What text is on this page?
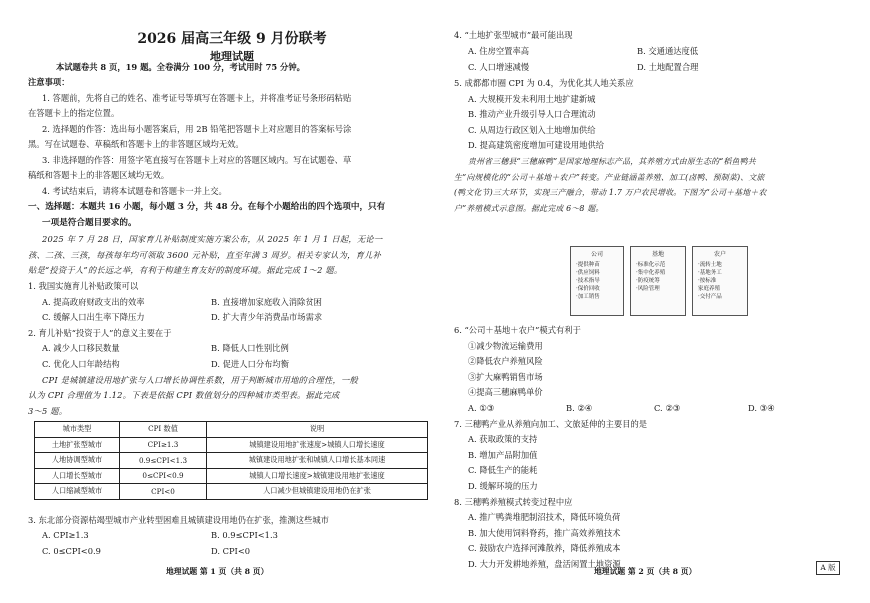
2026 届高三年级 9 月份联考
地理试题
本试题卷共 8 页，19 题。全卷满分 100 分，考试用时 75 分钟。
注意事项：
1. 答题前，先将自己的姓名、准考证号等填写在答题卡上，并将准考证号条形码粘贴
在答题卡上的指定位置。
2. 选择题的作答：选出每小题答案后，用 2B 铅笔把答题卡上对应题目的答案标号涂
黑。写在试题卷、草稿纸和答题卡上的非答题区域均无效。
3. 非选择题的作答：用签字笔直接写在答题卡上对应的答题区域内。写在试题卷、草
稿纸和答题卡上的非答题区域均无效。
4. 考试结束后，请将本试题卷和答题卡一并上交。
一、选择题：本题共 16 小题，每小题 3 分，共 48 分。在每个小题给出的四个选项中，只有
一项是符合题目要求的。
2025 年 7 月 28 日，国家育儿补贴制度实施方案公布，从 2025 年 1 月 1 日起，无论一
孩、二孩、三孩，每孩每年均可领取 3600 元补贴，直至年满 3 周岁。相关专家认为，育儿补
贴是“投资于人”的长远之举，有利于构建生育友好的制度环境。据此完成 1～2 题。
1. 我国实施育儿补贴政策可以
A. 提高政府财政支出的效率	B. 直接增加家庭收入消除贫困
C. 缓解人口出生率下降压力	D. 扩大青少年消费品市场需求
2. 育儿补贴“投资于人”的意义主要在于
A. 减少人口移民数量	B. 降低人口性别比例
C. 优化人口年龄结构	D. 促进人口分布均衡
CPI 是城镇建设用地扩张与人口增长协调性系数，用于判断城市用地的合理性，一般
认为 CPI 合理值为 1.12。下表是依据 CPI 数值划分的四种城市类型表。据此完成
3～5 题。
城市类型	CPI 数值	说明
土地扩张型城市	CPI≥1.3	城镇建设用地扩张速度>城镇人口增长速度
人地协调型城市	0.9≤CPI<1.3	城镇建设用地扩张和城镇人口增长基本同速
人口增长型城市	0≤CPI<0.9	城镇人口增长速度>城镇建设用地扩张速度
人口缩减型城市	CPI<0	人口减少但城镇建设用地仍在扩张
3. 东北部分资源枯竭型城市产业转型困难且城镇建设用地仍在扩张，推测这些城市
A. CPI≥1.3	B. 0.9≤CPI<1.3
C. 0≤CPI<0.9	D. CPI<0
地理试题 第 1 页（共 8 页）
4. “土地扩张型城市”最可能出现
A. 住房空置率高	B. 交通通达度低
C. 人口增速减慢	D. 土地配置合理
5. 成都都市圈 CPI 为 0.4，为优化其人地关系应
A. 大规模开发未利用土地扩建新城
B. 推动产业升级引导人口合理流动
C. 从周边行政区划入土地增加供给
D. 提高建筑密度增加可建设用地供给
贵州省三穗县“三穗麻鸭”是国家地理标志产品，其养殖方式由原生态的“稻鱼鸭共
生”向规模化的“公司＋基地＋农户”转变。产业链涵盖养殖、加工(卤鸭、预制菜)、文旅
(鸭文化节)三大环节，实现三产融合，带动 1.7 万户农民增收。下图为“公司＋基地＋农
户”养殖模式示意图。据此完成 6～8 题。
公司
·提供种苗
·供应饲料
·技术指导
·保价回收
·加工销售
基地
·标准化示范
·集中化养殖
·防疫统筹
·风险管理
农户
·流转土地
·基地务工
·按标准
家庭养殖
·交付产品
6. “公司＋基地＋农户”模式有利于
①减少物流运输费用
②降低农户养殖风险
③扩大麻鸭销售市场
④提高三穗麻鸭单价
A. ①③	B. ②④	C. ②③	D. ③④
7. 三穗鸭产业从养殖向加工、文旅延伸的主要目的是
A. 获取政策的支持
B. 增加产品附加值
C. 降低生产的能耗
D. 缓解环境的压力
8. 三穗鸭养殖模式转变过程中应
A. 推广鸭粪堆肥制沼技术，降低环境负荷
B. 加大使用饲料脊药，推广高效养殖技术
C. 鼓励农户选择河滩散养，降低养殖成本
D. 大力开发耕地养殖，盘活闲置土地资源
地理试题 第 2 页（共 8 页）	A 版
